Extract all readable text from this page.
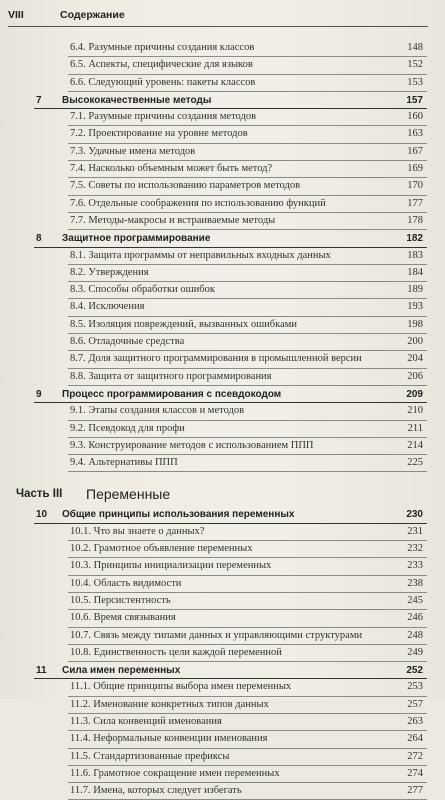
VIII	Содержание
6.4. Разумные причины создания классов	148
6.5. Аспекты, специфические для языков	152
6.6. Следующий уровень: пакеты классов	153
7 Высококачественные методы	157
7.1. Разумные причины создания методов	160
7.2. Проектирование на уровне методов	163
7.3. Удачные имена методов	167
7.4. Насколько объемным может быть метод?	169
7.5. Советы по использованию параметров методов	170
7.6. Отдельные соображения по использованию функций	177
7.7. Методы-макросы и встраиваемые методы	178
8 Защитное программирование	182
8.1. Защита программы от неправильных входных данных	183
8.2. Утверждения	184
8.3. Способы обработки ошибок	189
8.4. Исключения	193
8.5. Изоляция повреждений, вызванных ошибками	198
8.6. Отладочные средства	200
8.7. Доля защитного программирования в промышленной версии	204
8.8. Защита от защитного программирования	206
9 Процесс программирования с псевдокодом	209
9.1. Этапы создания классов и методов	210
9.2. Псевдокод для профи	211
9.3. Конструирование методов с использованием ППП	214
9.4. Альтернативы ППП	225
Часть III Переменные
10 Общие принципы использования переменных	230
10.1. Что вы знаете о данных?	231
10.2. Грамотное объявление переменных	232
10.3. Принципы инициализации переменных	233
10.4. Область видимости	238
10.5. Персистентность	245
10.6. Время связывания	246
10.7. Связь между типами данных и управляющими структурами	248
10.8. Единственность цели каждой переменной	249
11 Сила имен переменных	252
11.1. Общие принципы выбора имен переменных	253
11.2. Именование конкретных типов данных	257
11.3. Сила конвенций именования	263
11.4. Неформальные конвенции именования	264
11.5. Стандартизованные префиксы	272
11.6. Грамотное сокращение имен переменных	274
11.7. Имена, которых следует избегать	277
